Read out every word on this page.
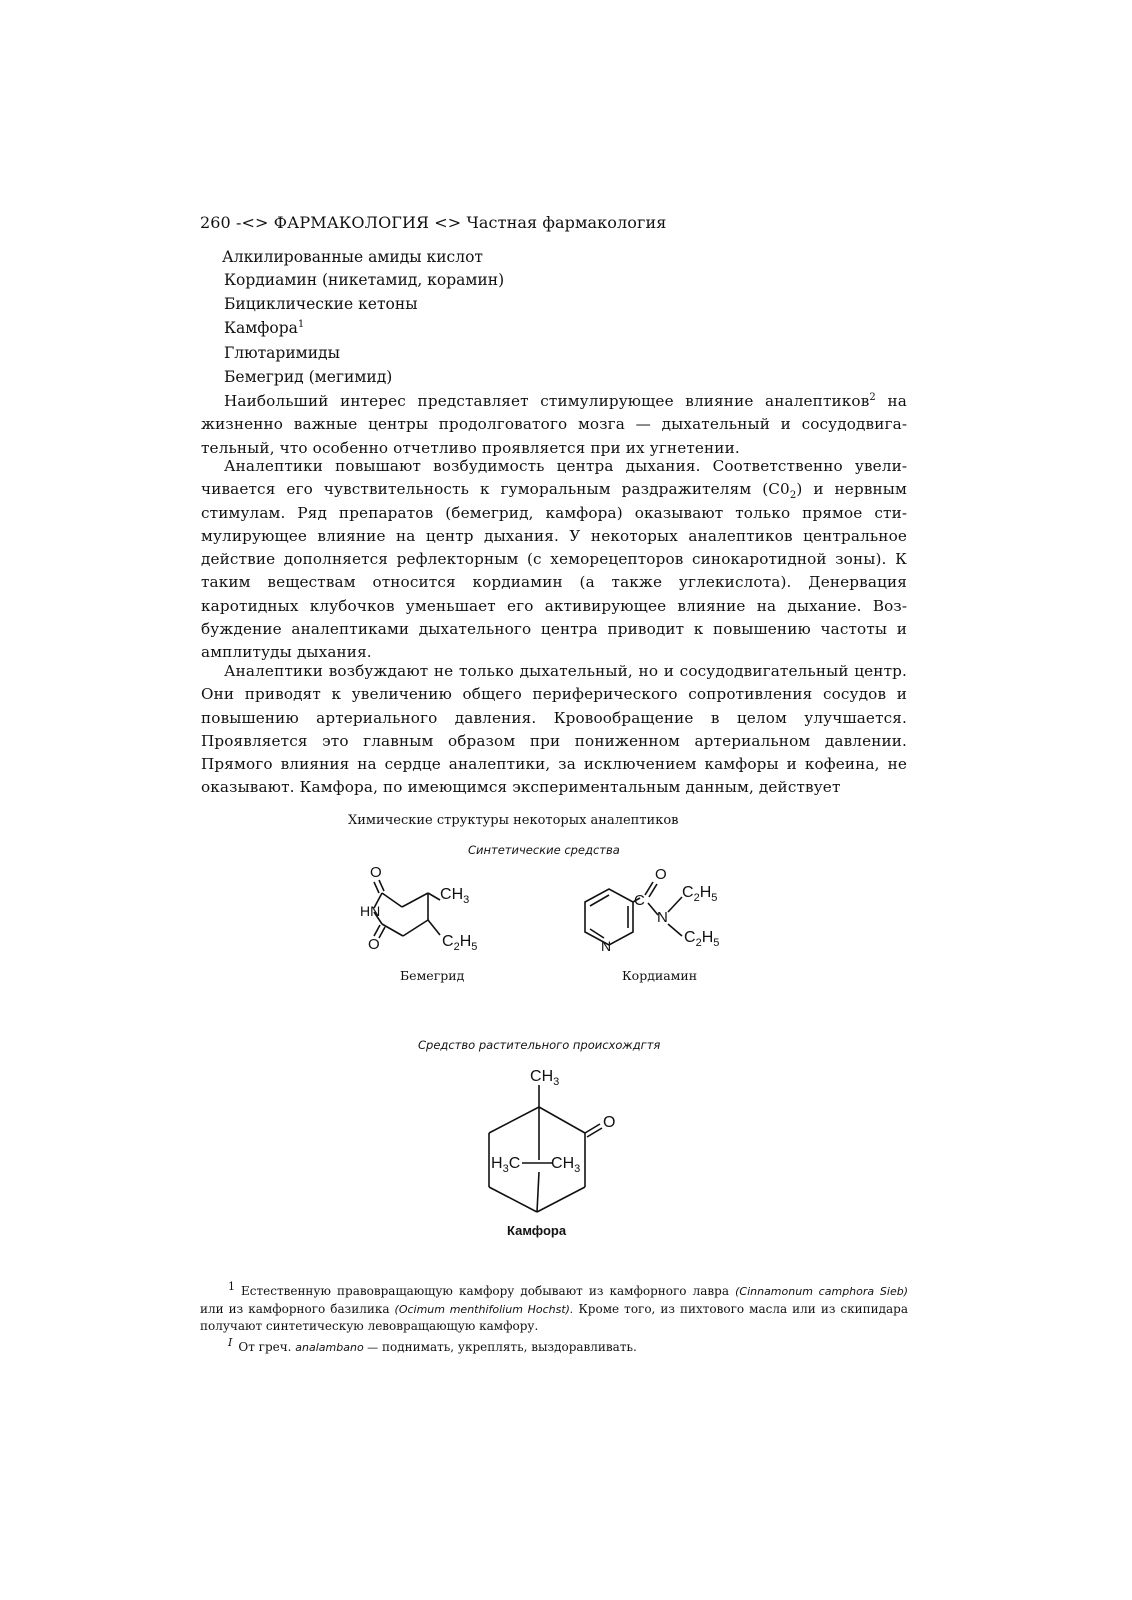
260 -<> ФАРМАКОЛОГИЯ <> Частная фармакология
Алкилированные амиды кислот
Кордиамин (никетамид, корамин)
Бициклические кетоны
Камфора$^1$
Глютаримиды
Бемегрид (мегимид)

Наибольший интерес представляет стимулирующее влияние аналептиков$^2$ на жизненно важные центры продолговатого мозга — дыхательный и сосудодвигательный, что особенно отчетливо проявляется при их угнетении.

Аналептики повышают возбудимость центра дыхания. Соответственно увеличивается его чувствительность к гуморальным раздражителям $(С0_2)$ и нервным стимулам. Ряд препаратов (бемегрид, камфора) оказывают только прямое стимулирующее влияние на центр дыхания. У некоторых аналептиков центральное действие дополняется рефлекторным (с хеморецепторов синокаротидной зоны). К таким веществам относится кордиамин (а также углекислота). Денервация каротидных клубочков уменьшает его активирующее влияние на дыхание. Возбуждение аналептиками дыхательного центра приводит к повышению частоты и амплитуды дыхания.

Аналептики возбуждают не только дыхательный, но и сосудодвигательный центр. Они приводят к увеличению общего периферического сопротивления сосудов и повышению артериального давления. Кровообращение в целом улучшается. Проявляется это главным образом при пониженном артериальном давлении. Прямого влияния на сердце аналептики, за исключением камфоры и кофеина, не оказывают. Камфора, по имеющимся экспериментальным данным, действует

Химические структуры некоторых аналептиков
Синтетические средства
O
HN
O
$CH_3$
$C_2H_5$
Бемегрид
O
C
N
N
$C_2H_5$
$C_2H_5$
Кордиамин
Средство растительного происхождгтя
$CH_3$
O
$H_3C$ $CH_3$
Камфора
1 Естественную правовращающую камфору добывают из камфорного лавра (Cinnamonum camphora Sieb) или из камфорного базилика (Ocimum menthifolium Hochst). Кроме того, из пихтового масла или из скипидара получают синтетическую левовращающую камфору.
I От греч. analambano — поднимать, укреплять, выздоравливать.
